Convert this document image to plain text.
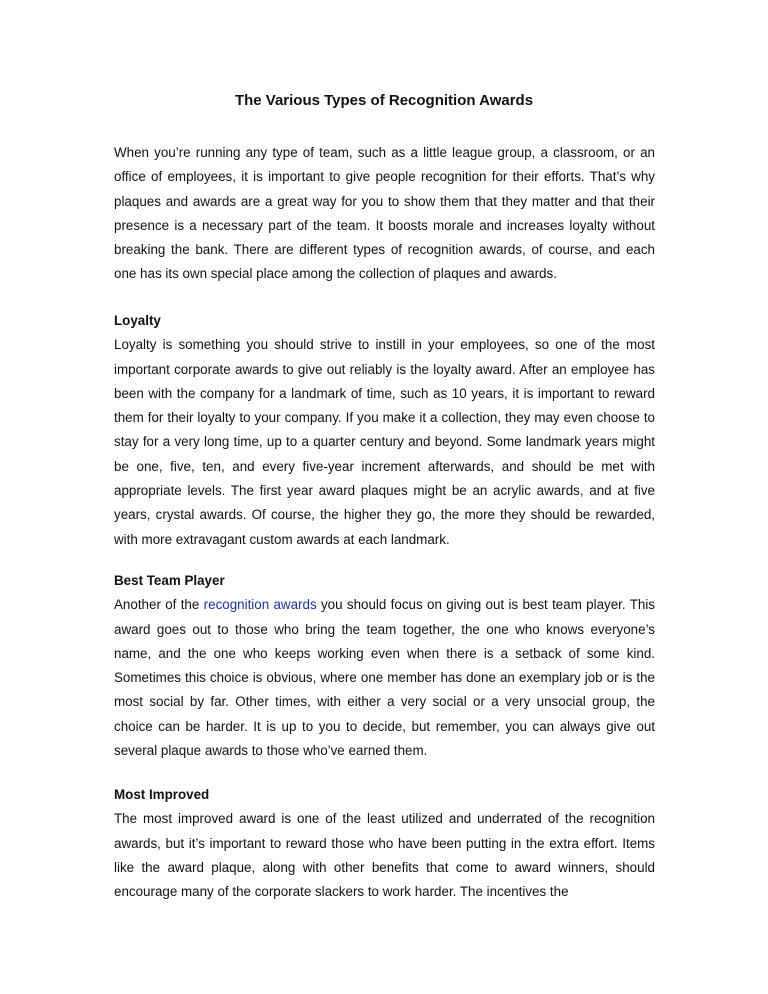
The Various Types of Recognition Awards

When you’re running any type of team, such as a little league group, a classroom, or an office of employees, it is important to give people recognition for their efforts. That’s why plaques and awards are a great way for you to show them that they matter and that their presence is a necessary part of the team. It boosts morale and increases loyalty without breaking the bank. There are different types of recognition awards, of course, and each one has its own special place among the collection of plaques and awards.

Loyalty

Loyalty is something you should strive to instill in your employees, so one of the most important corporate awards to give out reliably is the loyalty award. After an employee has been with the company for a landmark of time, such as 10 years, it is important to reward them for their loyalty to your company. If you make it a collection, they may even choose to stay for a very long time, up to a quarter century and beyond. Some landmark years might be one, five, ten, and every five-year increment afterwards, and should be met with appropriate levels. The first year award plaques might be an acrylic awards, and at five years, crystal awards. Of course, the higher they go, the more they should be rewarded, with more extravagant custom awards at each landmark.

Best Team Player

Another of the recognition awards you should focus on giving out is best team player. This award goes out to those who bring the team together, the one who knows everyone’s name, and the one who keeps working even when there is a setback of some kind. Sometimes this choice is obvious, where one member has done an exemplary job or is the most social by far. Other times, with either a very social or a very unsocial group, the choice can be harder. It is up to you to decide, but remember, you can always give out several plaque awards to those who’ve earned them.

Most Improved

The most improved award is one of the least utilized and underrated of the recognition awards, but it’s important to reward those who have been putting in the extra effort. Items like the award plaque, along with other benefits that come to award winners, should encourage many of the corporate slackers to work harder. The incentives the
